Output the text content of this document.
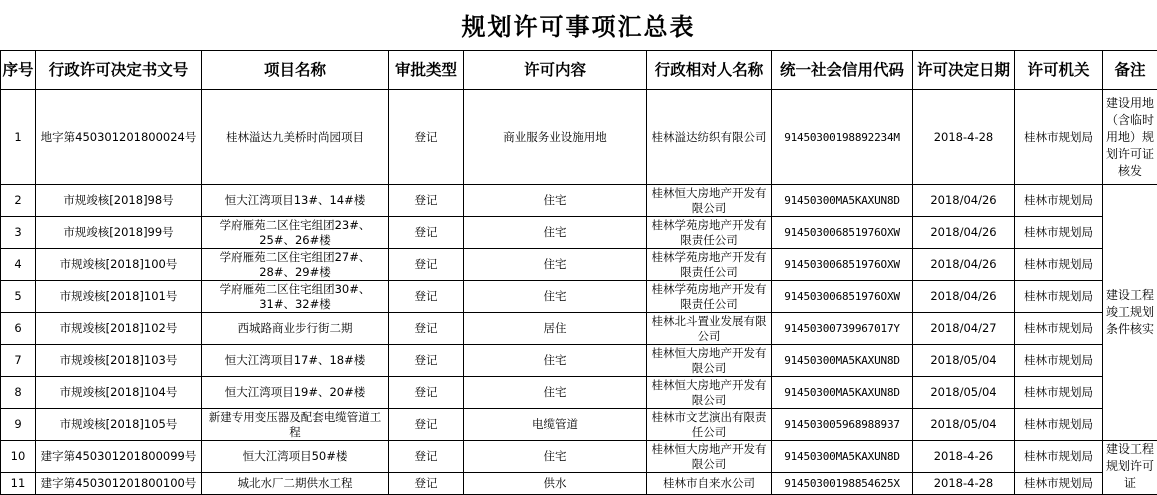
规划许可事项汇总表
序号	行政许可决定书文号	项目名称	审批类型	许可内容	行政相对人名称	统一社会信用代码	许可决定日期	许可机关	备注
1	地字第450301201800024号	桂林溢达九美桥时尚园项目	登记	商业服务业设施用地	桂林溢达纺织有限公司	91450300198892234M	2018-4-28	桂林市规划局	建设用地（含临时用地）规划许可证核发
2	市规竣核[2018]98号	恒大江湾项目13#、14#楼	登记	住宅	桂林恒大房地产开发有限公司	91450300MA5KAXUN8D	2018/04/26	桂林市规划局	建设工程竣工规划条件核实
3	市规竣核[2018]99号	学府雁苑二区住宅组团23#、25#、26#楼	登记	住宅	桂林学苑房地产开发有限责任公司	914503006851976OXW	2018/04/26	桂林市规划局	
4	市规竣核[2018]100号	学府雁苑二区住宅组团27#、28#、29#楼	登记	住宅	桂林学苑房地产开发有限责任公司	914503006851976OXW	2018/04/26	桂林市规划局	
5	市规竣核[2018]101号	学府雁苑二区住宅组团30#、31#、32#楼	登记	住宅	桂林学苑房地产开发有限责任公司	914503006851976OXW	2018/04/26	桂林市规划局	
6	市规竣核[2018]102号	西城路商业步行街二期	登记	居住	桂林北斗置业发展有限公司	91450300739967017Y	2018/04/27	桂林市规划局	
7	市规竣核[2018]103号	恒大江湾项目17#、18#楼	登记	住宅	桂林恒大房地产开发有限公司	91450300MA5KAXUN8D	2018/05/04	桂林市规划局	
8	市规竣核[2018]104号	恒大江湾项目19#、20#楼	登记	住宅	桂林恒大房地产开发有限公司	91450300MA5KAXUN8D	2018/05/04	桂林市规划局	
9	市规竣核[2018]105号	新建专用变压器及配套电缆管道工程	登记	电缆管道	桂林市文艺演出有限责任公司	91450300596898893​7	2018/05/04	桂林市规划局	
10	建字第450301201800099号	恒大江湾项目50#楼	登记	住宅	桂林恒大房地产开发有限公司	91450300MA5KAXUN8D	2018-4-26	桂林市规划局	建设工程规划许可证
11	建字第450301201800100号	城北水厂二期供水工程	登记	供水	桂林市自来水公司	91450300198854625X	2018-4-28	桂林市规划局	
